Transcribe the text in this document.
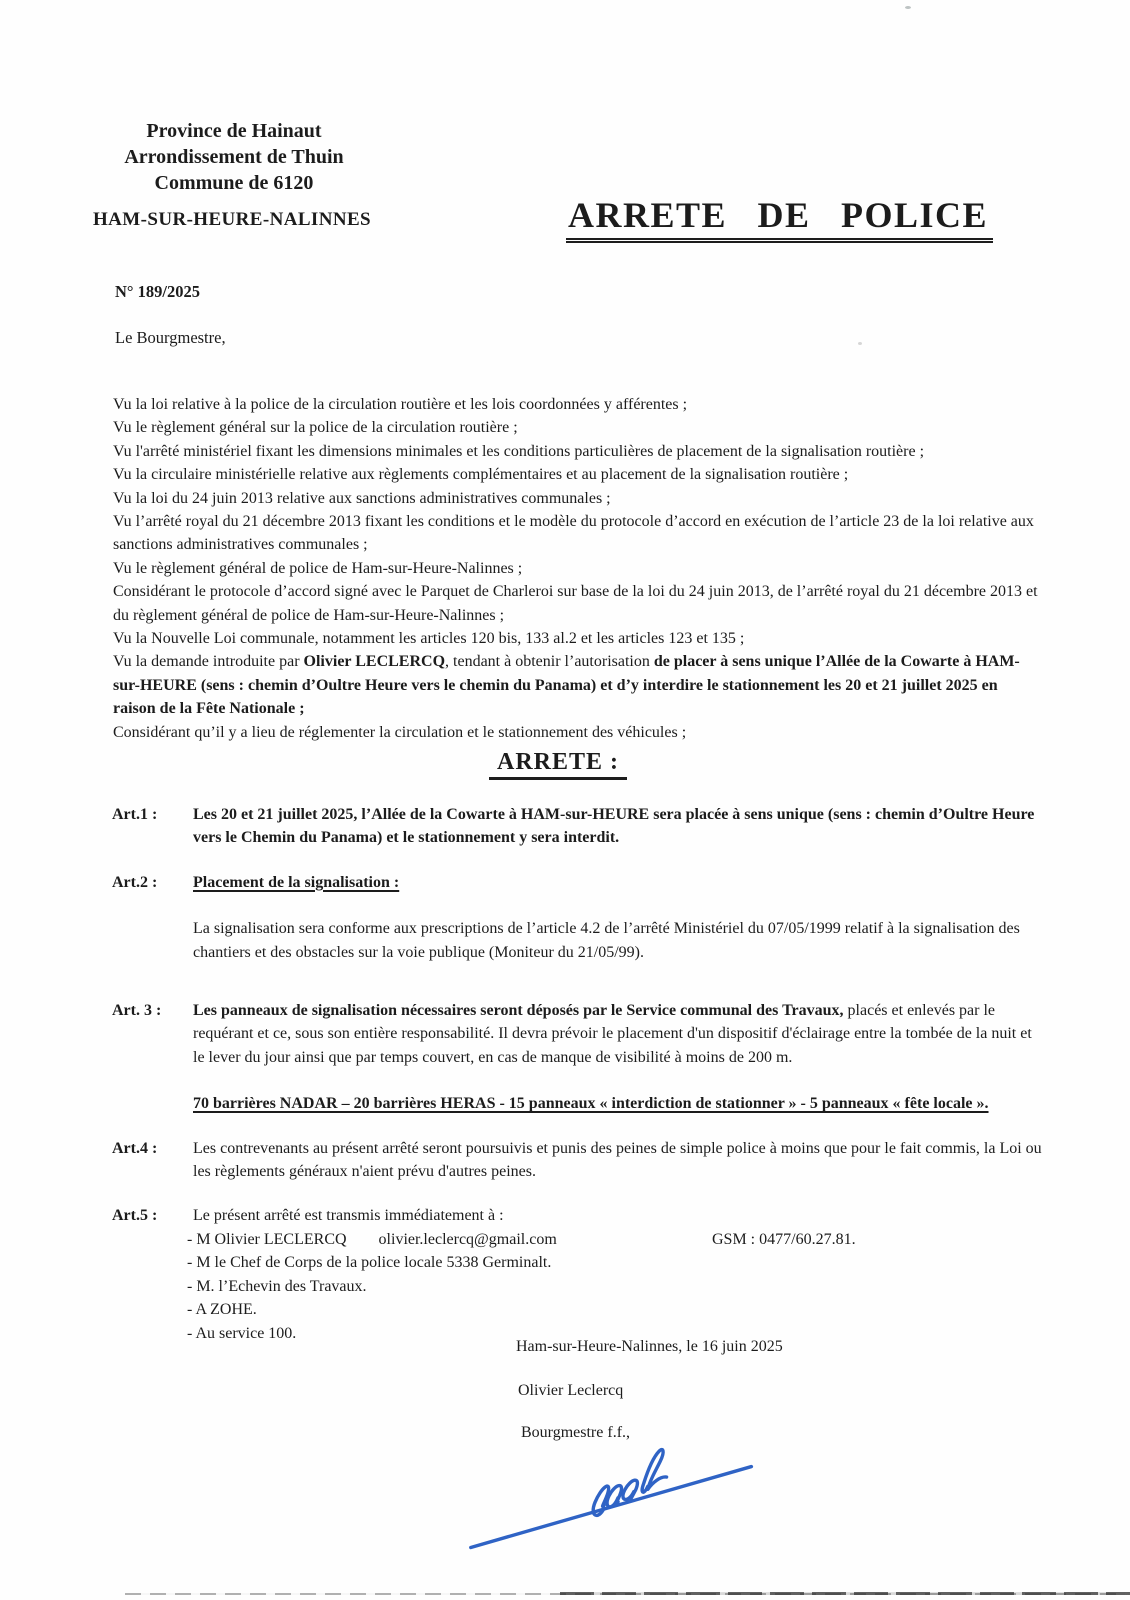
Province de Hainaut
Arrondissement de Thuin
Commune de 6120
HAM-SUR-HEURE-NALINNES	ARRETE DE POLICE
N° 189/2025
Le Bourgmestre,
Vu la loi relative à la police de la circulation routière et les lois coordonnées y afférentes ;
Vu le règlement général sur la police de la circulation routière ;
Vu l'arrêté ministériel fixant les dimensions minimales et les conditions particulières de placement de la signalisation routière ;
Vu la circulaire ministérielle relative aux règlements complémentaires et au placement de la signalisation routière ;
Vu la loi du 24 juin 2013 relative aux sanctions administratives communales ;
Vu l’arrêté royal du 21 décembre 2013 fixant les conditions et le modèle du protocole d’accord en exécution de l’article 23 de la loi relative aux sanctions administratives communales ;
Vu le règlement général de police de Ham-sur-Heure-Nalinnes ;
Considérant le protocole d’accord signé avec le Parquet de Charleroi sur base de la loi du 24 juin 2013, de l’arrêté royal du 21 décembre 2013 et du règlement général de police de Ham-sur-Heure-Nalinnes ;
Vu la Nouvelle Loi communale, notamment les articles 120 bis, 133 al.2 et les articles 123 et 135 ;
Vu la demande introduite par Olivier LECLERCQ, tendant à obtenir l’autorisation de placer à sens unique l’Allée de la Cowarte à HAM-sur-HEURE (sens : chemin d’Oultre Heure vers le chemin du Panama) et d’y interdire le stationnement les 20 et 21 juillet 2025 en raison de la Fête Nationale ;
Considérant qu’il y a lieu de réglementer la circulation et le stationnement des véhicules ;
ARRETE :
Art.1 :	Les 20 et 21 juillet 2025, l’Allée de la Cowarte à HAM-sur-HEURE sera placée à sens unique (sens : chemin d’Oultre Heure vers le Chemin du Panama) et le stationnement y sera interdit.
Art.2 :	Placement de la signalisation :
La signalisation sera conforme aux prescriptions de l’article 4.2 de l’arrêté Ministériel du 07/05/1999 relatif à la signalisation des chantiers et des obstacles sur la voie publique (Moniteur du 21/05/99).
Art. 3 :	Les panneaux de signalisation nécessaires seront déposés par le Service communal des Travaux, placés et enlevés par le requérant et ce, sous son entière responsabilité. Il devra prévoir le placement d'un dispositif d'éclairage entre la tombée de la nuit et le lever du jour ainsi que par temps couvert, en cas de manque de visibilité à moins de 200 m.
70 barrières NADAR – 20 barrières HERAS - 15 panneaux « interdiction de stationner » - 5 panneaux « fête locale ».
Art.4 :	Les contrevenants au présent arrêté seront poursuivis et punis des peines de simple police à moins que pour le fait commis, la Loi ou les règlements généraux n'aient prévu d'autres peines.
Art.5 :	Le présent arrêté est transmis immédiatement à :
- M Olivier LECLERCQ olivier.leclercq@gmail.com	GSM : 0477/60.27.81.
- M le Chef de Corps de la police locale 5338 Germinalt.
- M. l’Echevin des Travaux.
- A ZOHE.
- Au service 100.
Ham-sur-Heure-Nalinnes, le 16 juin 2025
Olivier Leclercq
Bourgmestre f.f.,
